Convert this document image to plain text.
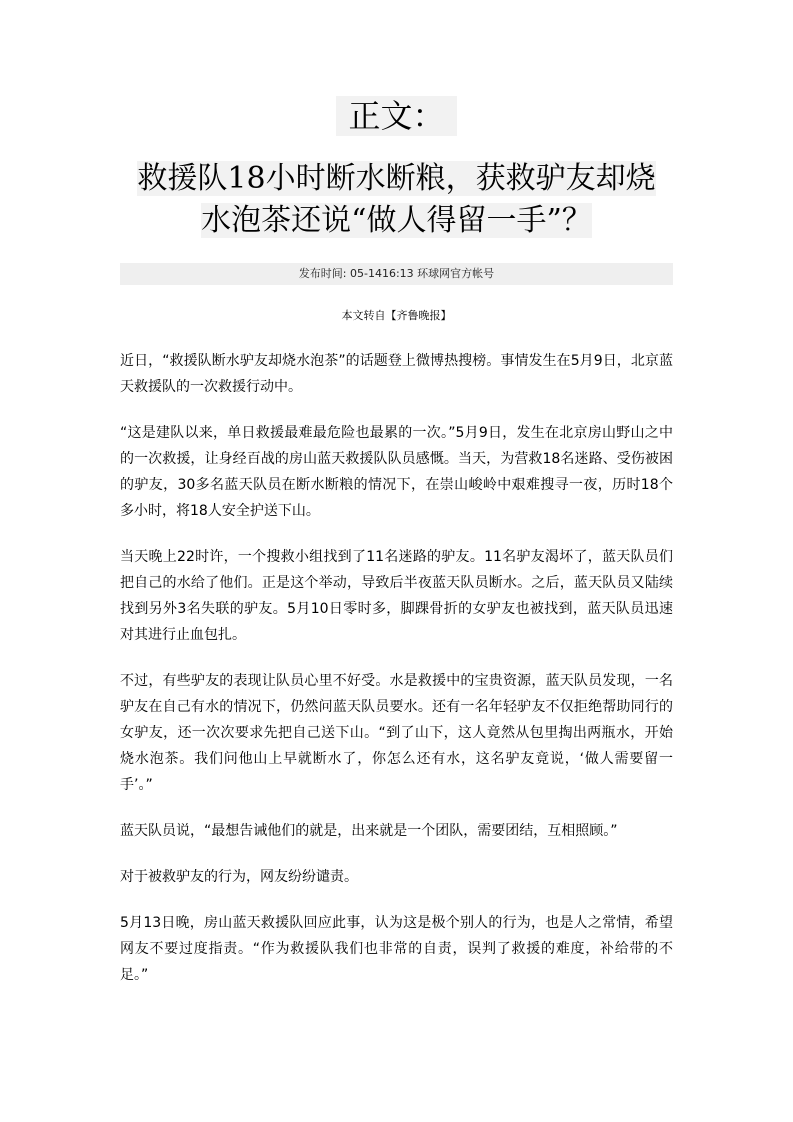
正文：
救援队18小时断水断粮，获救驴友却烧
水泡茶还说“做人得留一手”？
发布时间: 05-1416:13 环球网官方帐号
本文转自【齐鲁晚报】

近日，“救援队断水驴友却烧水泡茶”的话题登上微博热搜榜。事情发生在5月9日，北京蓝天救援队的一次救援行动中。

“这是建队以来，单日救援最难最危险也最累的一次。”5月9日，发生在北京房山野山之中的一次救援，让身经百战的房山蓝天救援队队员感慨。当天，为营救18名迷路、受伤被困的驴友，30多名蓝天队员在断水断粮的情况下，在崇山峻岭中艰难搜寻一夜，历时18个多小时，将18人安全护送下山。

当天晚上22时许，一个搜救小组找到了11名迷路的驴友。11名驴友渴坏了，蓝天队员们把自己的水给了他们。正是这个举动，导致后半夜蓝天队员断水。之后，蓝天队员又陆续找到另外3名失联的驴友。5月10日零时多，脚踝骨折的女驴友也被找到，蓝天队员迅速对其进行止血包扎。

不过，有些驴友的表现让队员心里不好受。水是救援中的宝贵资源，蓝天队员发现，一名驴友在自己有水的情况下，仍然问蓝天队员要水。还有一名年轻驴友不仅拒绝帮助同行的女驴友，还一次次要求先把自己送下山。“到了山下，这人竟然从包里掏出两瓶水，开始烧水泡茶。我们问他山上早就断水了，你怎么还有水，这名驴友竟说，‘做人需要留一手’。”

蓝天队员说，“最想告诫他们的就是，出来就是一个团队，需要团结，互相照顾。”

对于被救驴友的行为，网友纷纷谴责。

5月13日晚，房山蓝天救援队回应此事，认为这是极个别人的行为，也是人之常情，希望网友不要过度指责。“作为救援队我们也非常的自责，误判了救援的难度，补给带的不足。”
